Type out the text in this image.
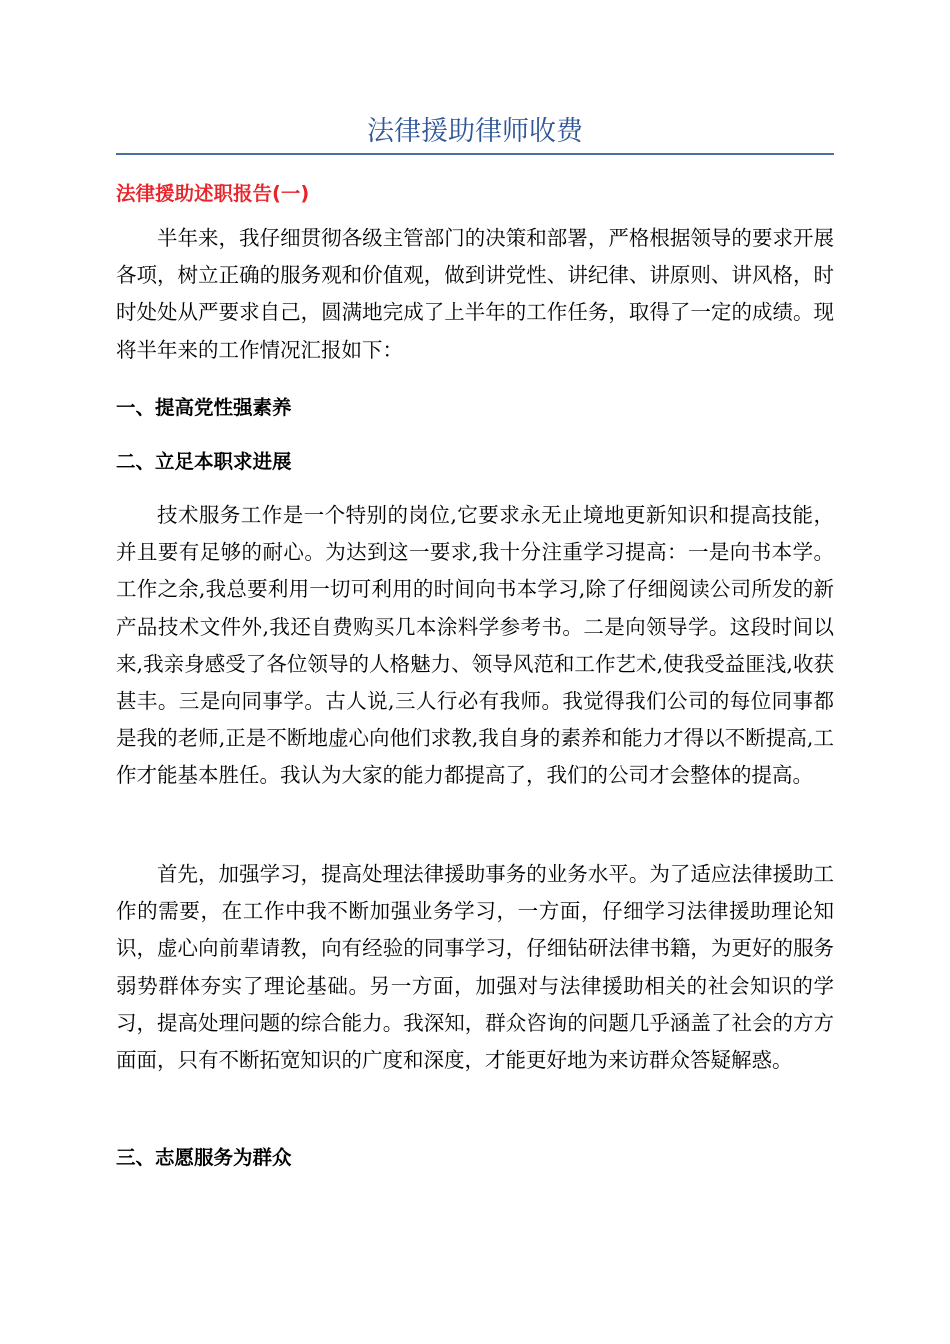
法律援助律师收费
法律援助述职报告(一)

半年来，我仔细贯彻各级主管部门的决策和部署，严格根据领导的要求开展各项，树立正确的服务观和价值观，做到讲党性、讲纪律、讲原则、讲风格，时时处处从严要求自己，圆满地完成了上半年的工作任务，取得了一定的成绩。现将半年来的工作情况汇报如下：

一、提高党性强素养
二、立足本职求进展

技术服务工作是一个特别的岗位,它要求永无止境地更新知识和提高技能，并且要有足够的耐心。为达到这一要求,我十分注重学习提高：一是向书本学。工作之余,我总要利用一切可利用的时间向书本学习,除了仔细阅读公司所发的新产品技术文件外,我还自费购买几本涂料学参考书。二是向领导学。这段时间以来,我亲身感受了各位领导的人格魅力、领导风范和工作艺术,使我受益匪浅,收获甚丰。三是向同事学。古人说,三人行必有我师。我觉得我们公司的每位同事都是我的老师,正是不断地虚心向他们求教,我自身的素养和能力才得以不断提高,工作才能基本胜任。我认为大家的能力都提高了，我们的公司才会整体的提高。

首先，加强学习，提高处理法律援助事务的业务水平。为了适应法律援助工作的需要，在工作中我不断加强业务学习，一方面，仔细学习法律援助理论知识，虚心向前辈请教，向有经验的同事学习，仔细钻研法律书籍，为更好的服务弱势群体夯实了理论基础。另一方面，加强对与法律援助相关的社会知识的学习，提高处理问题的综合能力。我深知，群众咨询的问题几乎涵盖了社会的方方面面，只有不断拓宽知识的广度和深度，才能更好地为来访群众答疑解惑。

三、志愿服务为群众
